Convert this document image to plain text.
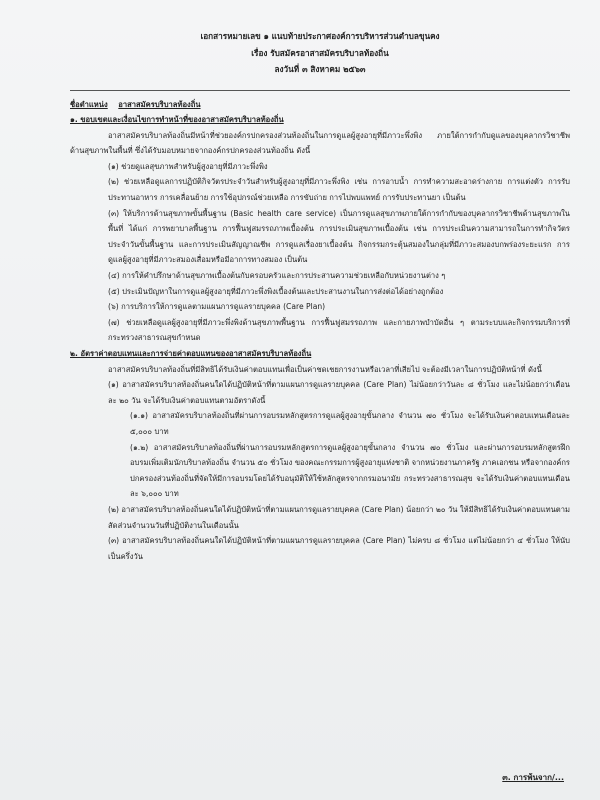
เอกสารหมายเลข ๑ แนบท้ายประกาศองค์การบริหารส่วนตำบลขุนคง

เรื่อง รับสมัครอาสาสมัครบริบาลท้องถิ่น

ลงวันที่ ๓ สิงหาคม ๒๕๖๓

ชื่อตำแหน่ง อาสาสมัครบริบาลท้องถิ่น

๑. ขอบเขตและเงื่อนไขการทำหน้าที่ของอาสาสมัครบริบาลท้องถิ่น

อาสาสมัครบริบาลท้องถิ่นมีหน้าที่ช่วยองค์กรปกครองส่วนท้องถิ่นในการดูแลผู้สูงอายุที่มีภาวะพึ่งพิง ภายใต้การกำกับดูแลของบุคลากรวิชาชีพด้านสุขภาพในพื้นที่ ซึ่งได้รับมอบหมายจากองค์กรปกครองส่วนท้องถิ่น ดังนี้

(๑) ช่วยดูแลสุขภาพสำหรับผู้สูงอายุที่มีภาวะพึ่งพิง

(๒) ช่วยเหลือดูแลการปฏิบัติกิจวัตรประจำวันสำหรับผู้สูงอายุที่มีภาวะพึ่งพิง เช่น การอาบน้ำ การทำความสะอาดร่างกาย การแต่งตัว การรับประทานอาหาร การเคลื่อนย้าย การใช้อุปกรณ์ช่วยเหลือ การขับถ่าย การไปพบแพทย์ การรับประทานยา เป็นต้น

(๓) ให้บริการด้านสุขภาพขั้นพื้นฐาน (Basic health care service) เป็นการดูแลสุขภาพภายใต้การกำกับของบุคลากรวิชาชีพด้านสุขภาพในพื้นที่ ได้แก่ การพยาบาลพื้นฐาน การฟื้นฟูสมรรถภาพเบื้องต้น การประเมินสุขภาพเบื้องต้น เช่น การประเมินความสามารถในการทำกิจวัตรประจำวันขั้นพื้นฐาน และการประเมินสัญญาณชีพ การดูแลเรื่องยาเบื้องต้น กิจกรรมกระตุ้นสมองในกลุ่มที่มีภาวะสมองบกพร่องระยะแรก การดูแลผู้สูงอายุที่มีภาวะสมองเสื่อมหรือมีอาการทางสมอง เป็นต้น

(๔) การให้คำปรึกษาด้านสุขภาพเบื้องต้นกับครอบครัวและการประสานความช่วยเหลือกับหน่วยงานต่าง ๆ

(๕) ประเมินปัญหาในการดูแลผู้สูงอายุที่มีภาวะพึ่งพิงเบื้องต้นและประสานงานในการส่งต่อได้อย่างถูกต้อง

(๖) การบริการให้การดูแลตามแผนการดูแลรายบุคคล (Care Plan)

(๗) ช่วยเหลือดูแลผู้สูงอายุที่มีภาวะพึ่งพิงด้านสุขภาพพื้นฐาน การฟื้นฟูสมรรถภาพ และกายภาพบำบัดอื่น ๆ ตามระบบและกิจกรรมบริการที่กระทรวงสาธารณสุขกำหนด

๒. อัตราค่าตอบแทนและการจ่ายค่าตอบแทนของอาสาสมัครบริบาลท้องถิ่น

อาสาสมัครบริบาลท้องถิ่นที่มีสิทธิได้รับเงินค่าตอบแทนเพื่อเป็นค่าชดเชยการงานหรือเวลาที่เสียไป จะต้องมีเวลาในการปฏิบัติหน้าที่ ดังนี้

(๑) อาสาสมัครบริบาลท้องถิ่นคนใดได้ปฏิบัติหน้าที่ตามแผนการดูแลรายบุคคล (Care Plan) ไม่น้อยกว่าวันละ ๘ ชั่วโมง และไม่น้อยกว่าเดือนละ ๒๐ วัน จะได้รับเงินค่าตอบแทนตามอัตราดังนี้

(๑.๑) อาสาสมัครบริบาลท้องถิ่นที่ผ่านการอบรมหลักสูตรการดูแลผู้สูงอายุขั้นกลาง จำนวน ๗๐ ชั่วโมง จะได้รับเงินค่าตอบแทนเดือนละ ๕,๐๐๐ บาท

(๑.๒) อาสาสมัครบริบาลท้องถิ่นที่ผ่านการอบรมหลักสูตรการดูแลผู้สูงอายุขั้นกลาง จำนวน ๗๐ ชั่วโมง และผ่านการอบรมหลักสูตรฝึกอบรมเพิ่มเติมนักบริบาลท้องถิ่น จำนวน ๕๐ ชั่วโมง ของคณะกรรมการผู้สูงอายุแห่งชาติ จากหน่วยงานภาครัฐ ภาคเอกชน หรือจากองค์กรปกครองส่วนท้องถิ่นที่จัดให้มีการอบรมโดยได้รับอนุมัติให้ใช้หลักสูตรจากกรมอนามัย กระทรวงสาธารณสุข จะได้รับเงินค่าตอบแทนเดือนละ ๖,๐๐๐ บาท

(๒) อาสาสมัครบริบาลท้องถิ่นคนใดได้ปฏิบัติหน้าที่ตามแผนการดูแลรายบุคคล (Care Plan) น้อยกว่า ๒๐ วัน ให้มีสิทธิได้รับเงินค่าตอบแทนตามสัดส่วนจำนวนวันที่ปฏิบัติงานในเดือนนั้น

(๓) อาสาสมัครบริบาลท้องถิ่นคนใดได้ปฏิบัติหน้าที่ตามแผนการดูแลรายบุคคล (Care Plan) ไม่ครบ ๘ ชั่วโมง แต่ไม่น้อยกว่า ๔ ชั่วโมง ให้นับเป็นครึ่งวัน

๓. การพ้นจาก/...
